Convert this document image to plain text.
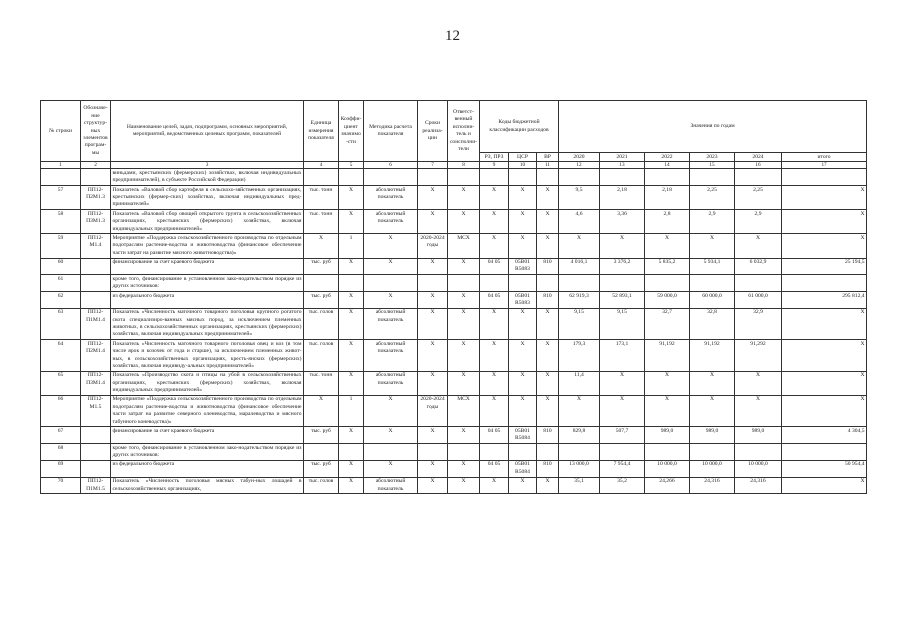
12
№ строки	Обозначе-ние структур-ных элементов програм-мы	Наименование целей, задач, подпрограмм, основных мероприятий, мероприятий, ведомственных целевых программ, показателей	Единица измерения показателя	Коэффи-циент значимо-сти	Методика расчета показателя	Сроки реализа-ции	Ответст-венный исполни-тель и соисполни-тели	Коды бюджетной классификации расходов			Значения по годам					
								РЗ, ПРЗ	ЦСР	ВР	2020	2021	2022	2023	2024	итого
1	2	3	4	5	6	7	8	9	10	11	12	13	14	15	16	17
		виньдами, крестьянских (фермерских) хозяйствах, включая индивидуальных предпринимателей), в субъекте Российской Федерации)														
57	ПП12-П2М1.3	Показатель «Валовой сбор картофеля в сельскохо-зяйственных организациях, крестьянских (фермер-ских) хозяйствах, включая индивидуальных пред-принимателей»	тыс. тонн	X	абсолютный показатель	X	X	X	X	X	9,5	2,18	2,18	2,25	2,25	X
58	ПП12-П3М1.3	Показатель «Валовой сбор овощей открытого грунта в сельскохозяйственных организациях, крестьянских (фермерских) хозяйствах, включая индивидуальных предпринимателей»	тыс. тонн	X	абсолютный показатель	X	X	X	X	X	4,6	3,36	2,8	2,9	2,9	X
59	ПП12-М1.4	Мероприятие «Поддержка сельскохозяйственного производства по отдельным подотраслям растение-водства и животноводства (финансовое обеспечение части затрат на развитие мясного животноводства)»	X	1	X	2020-2024 годы	МСХ	X	X	X	X	X	X	X	X	X
60		финансирование за счет краевого бюджета	тыс. руб	X	X	X	X	04 05	05В01 R5083	810	4 016,1	3 376,2	5 835,2	5 934,1	6 032,9	25 194,5
61		кроме того, финансирование в установленном зако-нодательством порядке из других источников:														
62		из федерального бюджета	тыс. руб	X	X	X	X	04 05	05В01 R5083	810	62 919,3	52 893,1	59 000,0	60 000,0	61 000,0	295 812,4
63	ПП12-П1М1.4	Показатель «Численность маточного товарного поголовья крупного рогатого скота специализиро-ванных мясных пород, за исключением племенных животных, в сельскохозяйственных организациях, крестьянских (фермерских) хозяйствах, включая индивидуальных предпринимателей»	тыс. голов	X	абсолютный показатель	X	X	X	X	X	9,15	9,15	32,7	32,8	32,9	X
64	ПП12-П2М1.4	Показатель «Численность маточного товарного поголовья овец и коз (в том числе ярок и козочек от года и старше), за исключением племенных живот-ных, в сельскохозяйственных организациях, кресть-янских (фермерских) хозяйствах, включая индивиду-альных предпринимателей»	тыс. голов	X	абсолютный показатель	X	X	X	X	X	179,3	173,1	91,192	91,192	91,292	X
65	ПП12-П3М1.4	Показатель «Производство скота и птицы на убой в сельскохозяйственных организациях, крестьянских (фермерских) хозяйствах, включая индивидуальных предпринимателей»	тыс. тонн	X	абсолютный показатель	X	X	X	X	X	11,4	X	X	X	X	X
66	ПП12-М1.5	Мероприятие «Поддержка сельскохозяйственного производства по отдельным подотраслям растение-водства и животноводства (финансовое обеспечение части затрат на развитие северного оленеводства, маралеводства и мясного табунного коневодства)»	X	1	X	2020-2024 годы	МСХ	X	X	X	X	X	X	X	X	X
67		финансирование за счет краевого бюджета	тыс. руб	X	X	X	X	04 05	05В01 R5084	810	829,8	507,7	989,0	989,0	989,0	4 304,5
68		кроме того, финансирование в установленном зако-нодательством порядке из других источников:														
69		из федерального бюджета	тыс. руб	X	X	X	X	04 05	05В01 R5084	810	13 000,0	7 954,4	10 000,0	10 000,0	10 000,0	50 954,4
70	ПП12-П1М1.5	Показатель «Численность поголовья мясных табун-ных лошадей в сельскохозяйственных организациях,	тыс. голов	X	абсолютный показатель	X	X	X	X	X	35,1	35,2	24,266	24,316	24,316	X
